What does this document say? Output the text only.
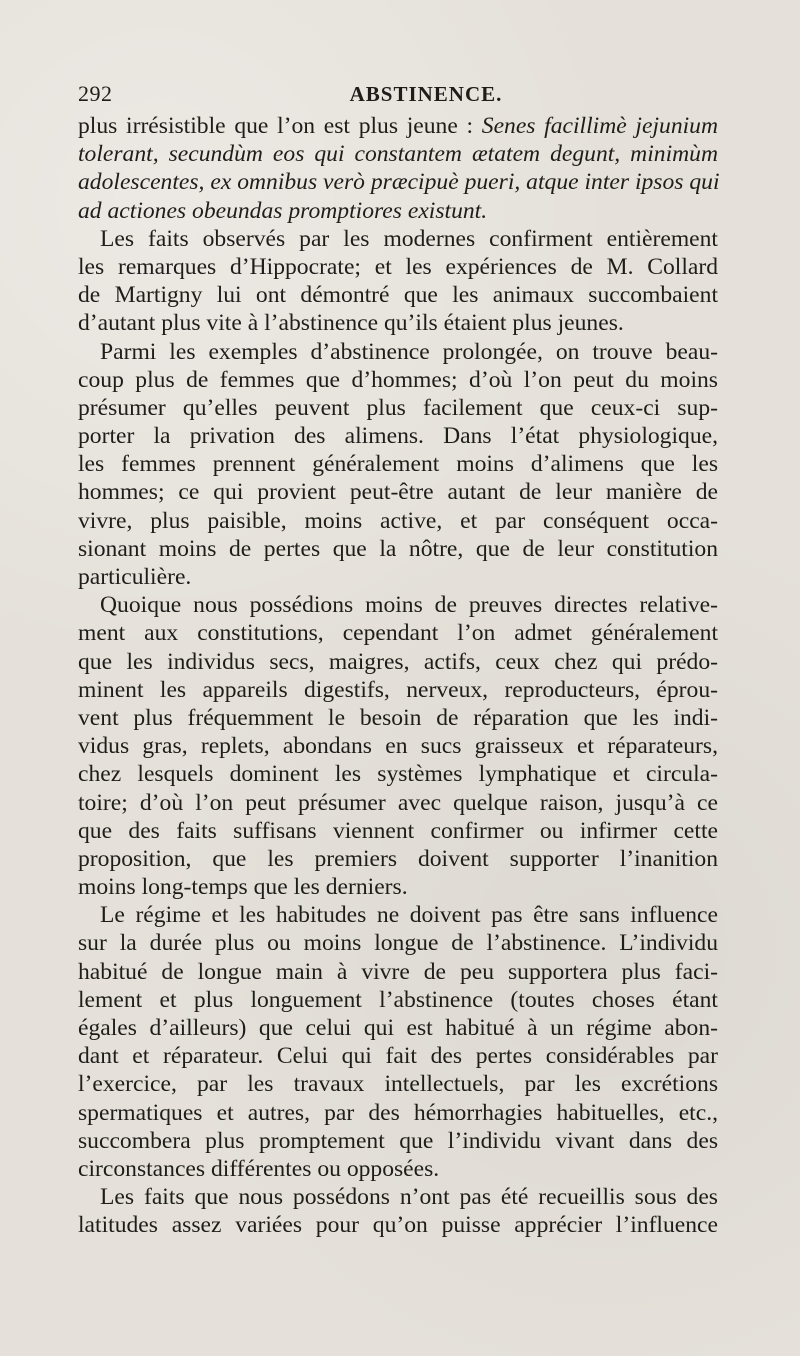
292	ABSTINENCE.
plus irrésistible que l’on est plus jeune : Senes facillimè jejunium
tolerant, secundùm eos qui constantem ætatem degunt, minimùm
adolescentes, ex omnibus verò præcipuè pueri, atque inter ipsos qui
ad actiones obeundas promptiores existunt.
Les faits observés par les modernes confirment entièrement
les remarques d’Hippocrate; et les expériences de M. Collard
de Martigny lui ont démontré que les animaux succombaient
d’autant plus vite à l’abstinence qu’ils étaient plus jeunes.
Parmi les exemples d’abstinence prolongée, on trouve beau-
coup plus de femmes que d’hommes; d’où l’on peut du moins
présumer qu’elles peuvent plus facilement que ceux-ci sup-
porter la privation des alimens. Dans l’état physiologique,
les femmes prennent généralement moins d’alimens que les
hommes; ce qui provient peut-être autant de leur manière de
vivre, plus paisible, moins active, et par conséquent occa-
sionant moins de pertes que la nôtre, que de leur constitution
particulière.
Quoique nous possédions moins de preuves directes relative-
ment aux constitutions, cependant l’on admet généralement
que les individus secs, maigres, actifs, ceux chez qui prédo-
minent les appareils digestifs, nerveux, reproducteurs, éprou-
vent plus fréquemment le besoin de réparation que les indi-
vidus gras, replets, abondans en sucs graisseux et réparateurs,
chez lesquels dominent les systèmes lymphatique et circula-
toire; d’où l’on peut présumer avec quelque raison, jusqu’à ce
que des faits suffisans viennent confirmer ou infirmer cette
proposition, que les premiers doivent supporter l’inanition
moins long-temps que les derniers.
Le régime et les habitudes ne doivent pas être sans influence
sur la durée plus ou moins longue de l’abstinence. L’individu
habitué de longue main à vivre de peu supportera plus faci-
lement et plus longuement l’abstinence (toutes choses étant
égales d’ailleurs) que celui qui est habitué à un régime abon-
dant et réparateur. Celui qui fait des pertes considérables par
l’exercice, par les travaux intellectuels, par les excrétions
spermatiques et autres, par des hémorrhagies habituelles, etc.,
succombera plus promptement que l’individu vivant dans des
circonstances différentes ou opposées.
Les faits que nous possédons n’ont pas été recueillis sous des
latitudes assez variées pour qu’on puisse apprécier l’influence
